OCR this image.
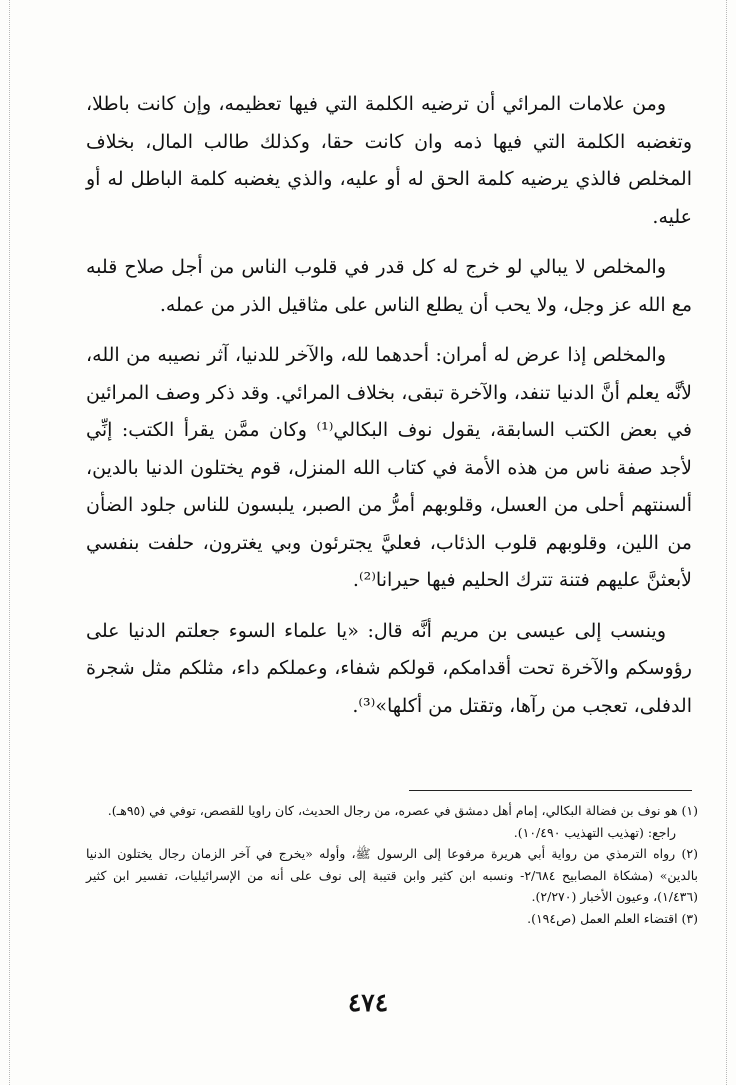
ومن علامات المرائي أن ترضيه الكلمة التي فيها تعظيمه، وإن كانت باطلا، وتغضبه الكلمة التي فيها ذمه وان كانت حقا، وكذلك طالب المال، بخلاف المخلص فالذي يرضيه كلمة الحق له أو عليه، والذي يغضبه كلمة الباطل له أو عليه.

والمخلص لا يبالي لو خرج له كل قدر في قلوب الناس من أجل صلاح قلبه مع الله عز وجل، ولا يحب أن يطلع الناس على مثاقيل الذر من عمله.

والمخلص إذا عرض له أمران: أحدهما لله، والآخر للدنيا، آثر نصيبه من الله، لأنَّه يعلم أنَّ الدنيا تنفد، والآخرة تبقى، بخلاف المرائي. وقد ذكر وصف المرائين في بعض الكتب السابقة، يقول نوف البكالي⁽¹⁾ وكان ممَّن يقرأ الكتب: إنِّي لأجد صفة ناس من هذه الأمة في كتاب الله المنزل، قوم يختلون الدنيا بالدين، ألسنتهم أحلى من العسل، وقلوبهم أمرُّ من الصبر، يلبسون للناس جلود الضأن من اللين، وقلوبهم قلوب الذئاب، فعليَّ يجترئون وبي يغترون، حلفت بنفسي لأبعثنَّ عليهم فتنة تترك الحليم فيها حيرانا⁽²⁾.

وينسب إلى عيسى بن مريم أنَّه قال: «يا علماء السوء جعلتم الدنيا على رؤوسكم والآخرة تحت أقدامكم، قولكم شفاء، وعملكم داء، مثلكم مثل شجرة الدفلى، تعجب من رآها، وتقتل من أكلها»⁽³⁾.

(١) هو نوف بن فضالة البكالي، إمام أهل دمشق في عصره، من رجال الحديث، كان راويا للقصص، توفي في (٩٥هـ).

راجع: (تهذيب التهذيب ١٠/٤٩٠).

(٢) رواه الترمذي من رواية أبي هريرة مرفوعا إلى الرسول ﷺ، وأوله «يخرج في آخر الزمان رجال يختلون الدنيا بالدين» (مشكاة المصابيح ٢/٦٨٤- ونسبه ابن كثير وابن قتيبة إلى نوف على أنه من الإسرائيليات، تفسير ابن كثير (١/٤٣٦)، وعيون الأخبار (٢/٢٧٠).

(٣) اقتضاء العلم العمل (ص١٩٤).

٤٧٤
